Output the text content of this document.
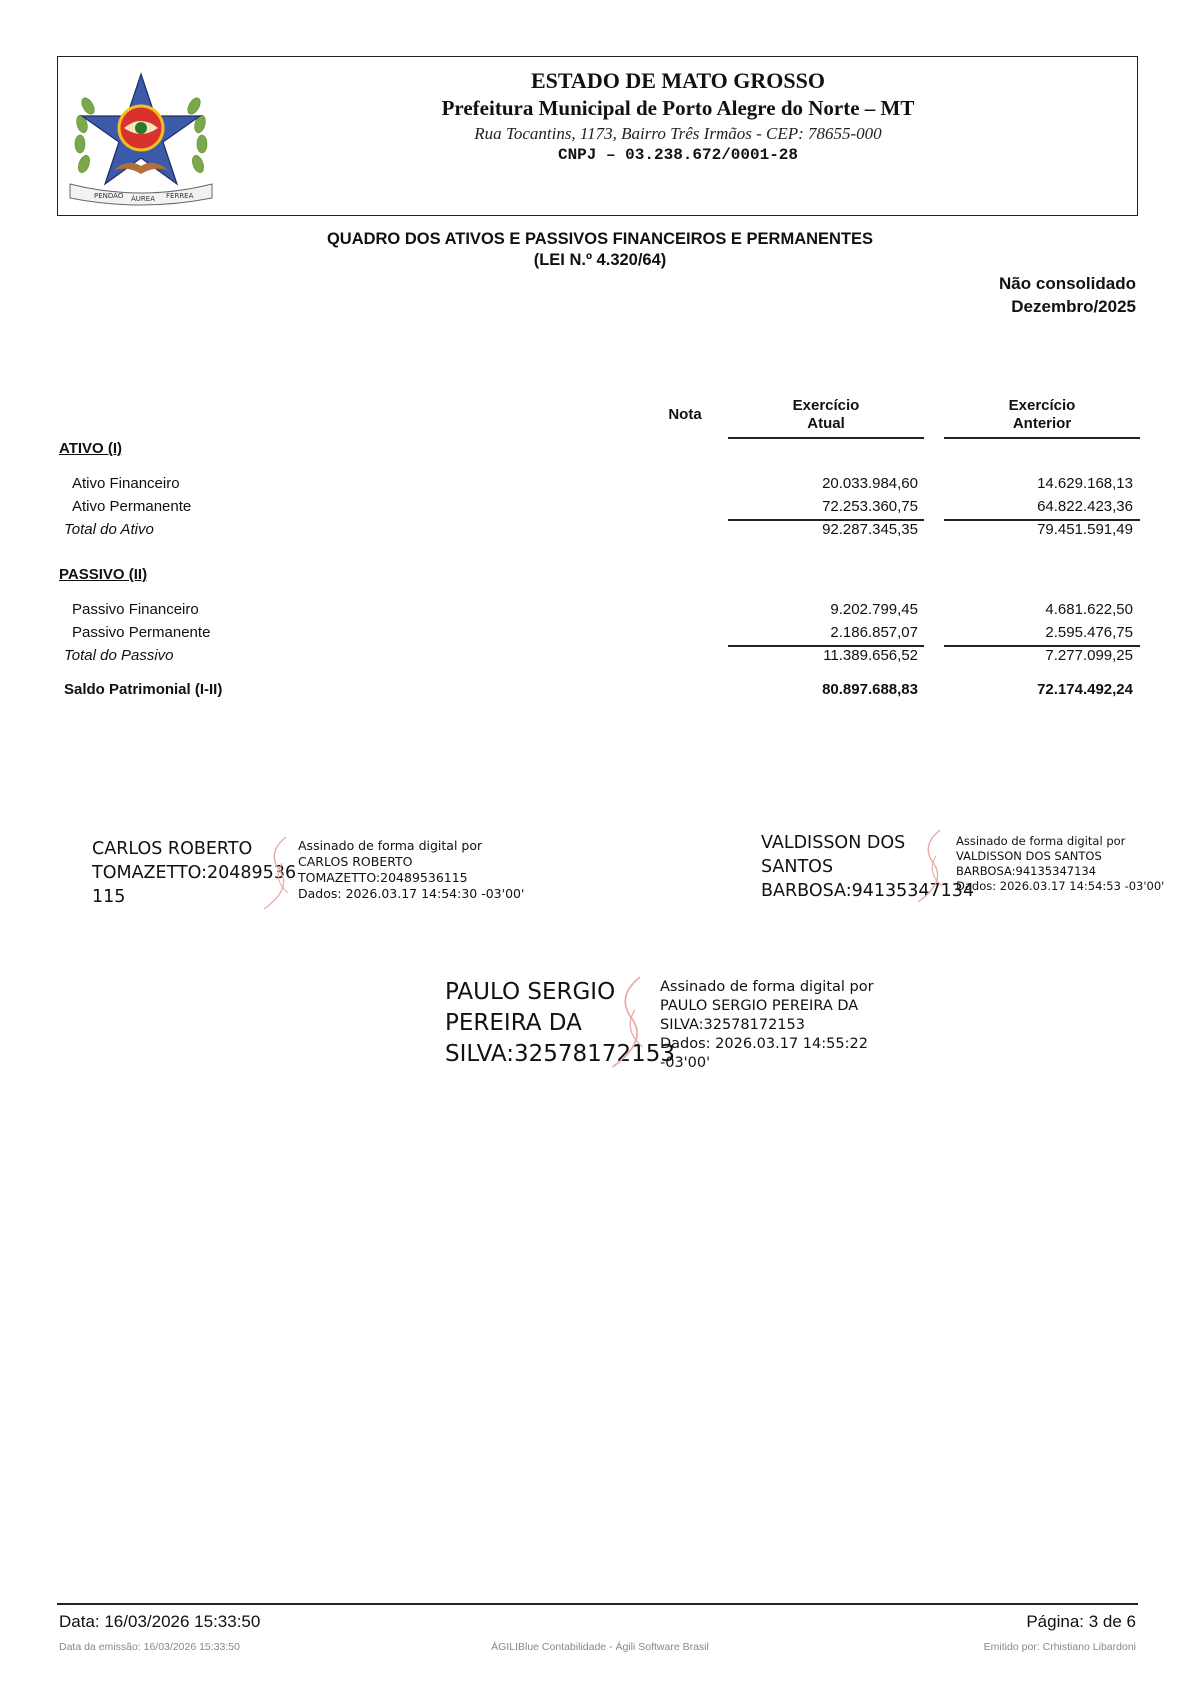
PENDÃO ÁUREA FERREA
ESTADO DE MATO GROSSO
Prefeitura Municipal de Porto Alegre do Norte – MT
Rua Tocantins, 1173, Bairro Três Irmãos - CEP: 78655-000
CNPJ – 03.238.672/0001-28
QUADRO DOS ATIVOS E PASSIVOS FINANCEIROS E PERMANENTES
(LEI N.º 4.320/64)
Não consolidado
Dezembro/2025
Nota
Exercício
Atual
Exercício
Anterior
ATIVO (I)
Ativo Financeiro	20.033.984,60	14.629.168,13
Ativo Permanente	72.253.360,75	64.822.423,36
Total do Ativo	92.287.345,35	79.451.591,49
PASSIVO (II)
Passivo Financeiro	9.202.799,45	4.681.622,50
Passivo Permanente	2.186.857,07	2.595.476,75
Total do Passivo	11.389.656,52	7.277.099,25
Saldo Patrimonial (I-II)	80.897.688,83	72.174.492,24
CARLOS ROBERTO
TOMAZETTO:20489536
115
Assinado de forma digital por
CARLOS ROBERTO
TOMAZETTO:20489536115
Dados: 2026.03.17 14:54:30 -03'00'
VALDISSON DOS
SANTOS
BARBOSA:94135347134
Assinado de forma digital por
VALDISSON DOS SANTOS
BARBOSA:94135347134
Dados: 2026.03.17 14:54:53 -03'00'
PAULO SERGIO
PEREIRA DA
SILVA:32578172153
Assinado de forma digital por
PAULO SERGIO PEREIRA DA
SILVA:32578172153
Dados: 2026.03.17 14:55:22
-03'00'
Data: 16/03/2026 15:33:50	Página: 3 de 6
Data da emissão: 16/03/2026 15:33:50	ÁGILIBlue Contabilidade - Ágili Software Brasil	Emitido por: Crhistiano Libardoni
